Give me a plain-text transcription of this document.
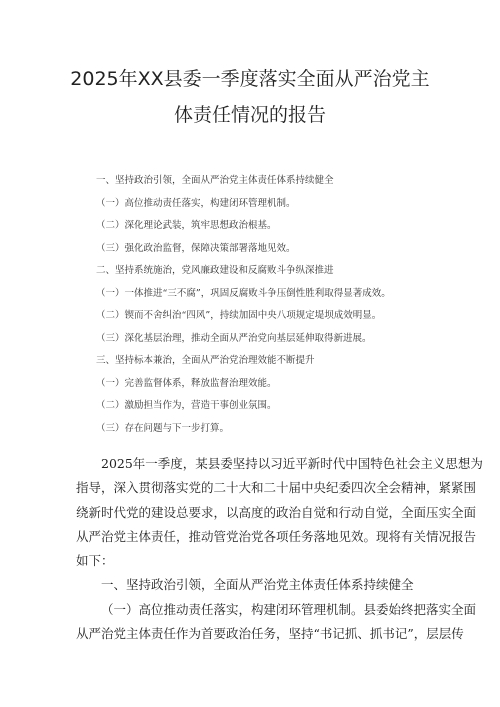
2025年XX县委一季度落实全面从严治党主
体责任情况的报告
一、坚持政治引领，全面从严治党主体责任体系持续健全
（一）高位推动责任落实，构建闭环管理机制。
（二）深化理论武装，筑牢思想政治根基。
（三）强化政治监督，保障决策部署落地见效。
二、坚持系统施治，党风廉政建设和反腐败斗争纵深推进
（一）一体推进“三不腐”，巩固反腐败斗争压倒性胜利取得显著成效。
（二）锲而不舍纠治“四风”，持续加固中央八项规定堤坝成效明显。
（三）深化基层治理，推动全面从严治党向基层延伸取得新进展。
三、坚持标本兼治，全面从严治党治理效能不断提升
（一）完善监督体系，释放监督治理效能。
（二）激励担当作为，营造干事创业氛围。
（三）存在问题与下一步打算。

2025年一季度，某县委坚持以习近平新时代中国特色社会主义思想为

指导，深入贯彻落实党的二十大和二十届中央纪委四次全会精神，紧紧围

绕新时代党的建设总要求，以高度的政治自觉和行动自觉，全面压实全面

从严治党主体责任，推动管党治党各项任务落地见效。现将有关情况报告

如下：

一、坚持政治引领，全面从严治党主体责任体系持续健全

（一）高位推动责任落实，构建闭环管理机制。县委始终把落实全面

从严治党主体责任作为首要政治任务，坚持“书记抓、抓书记”，层层传
